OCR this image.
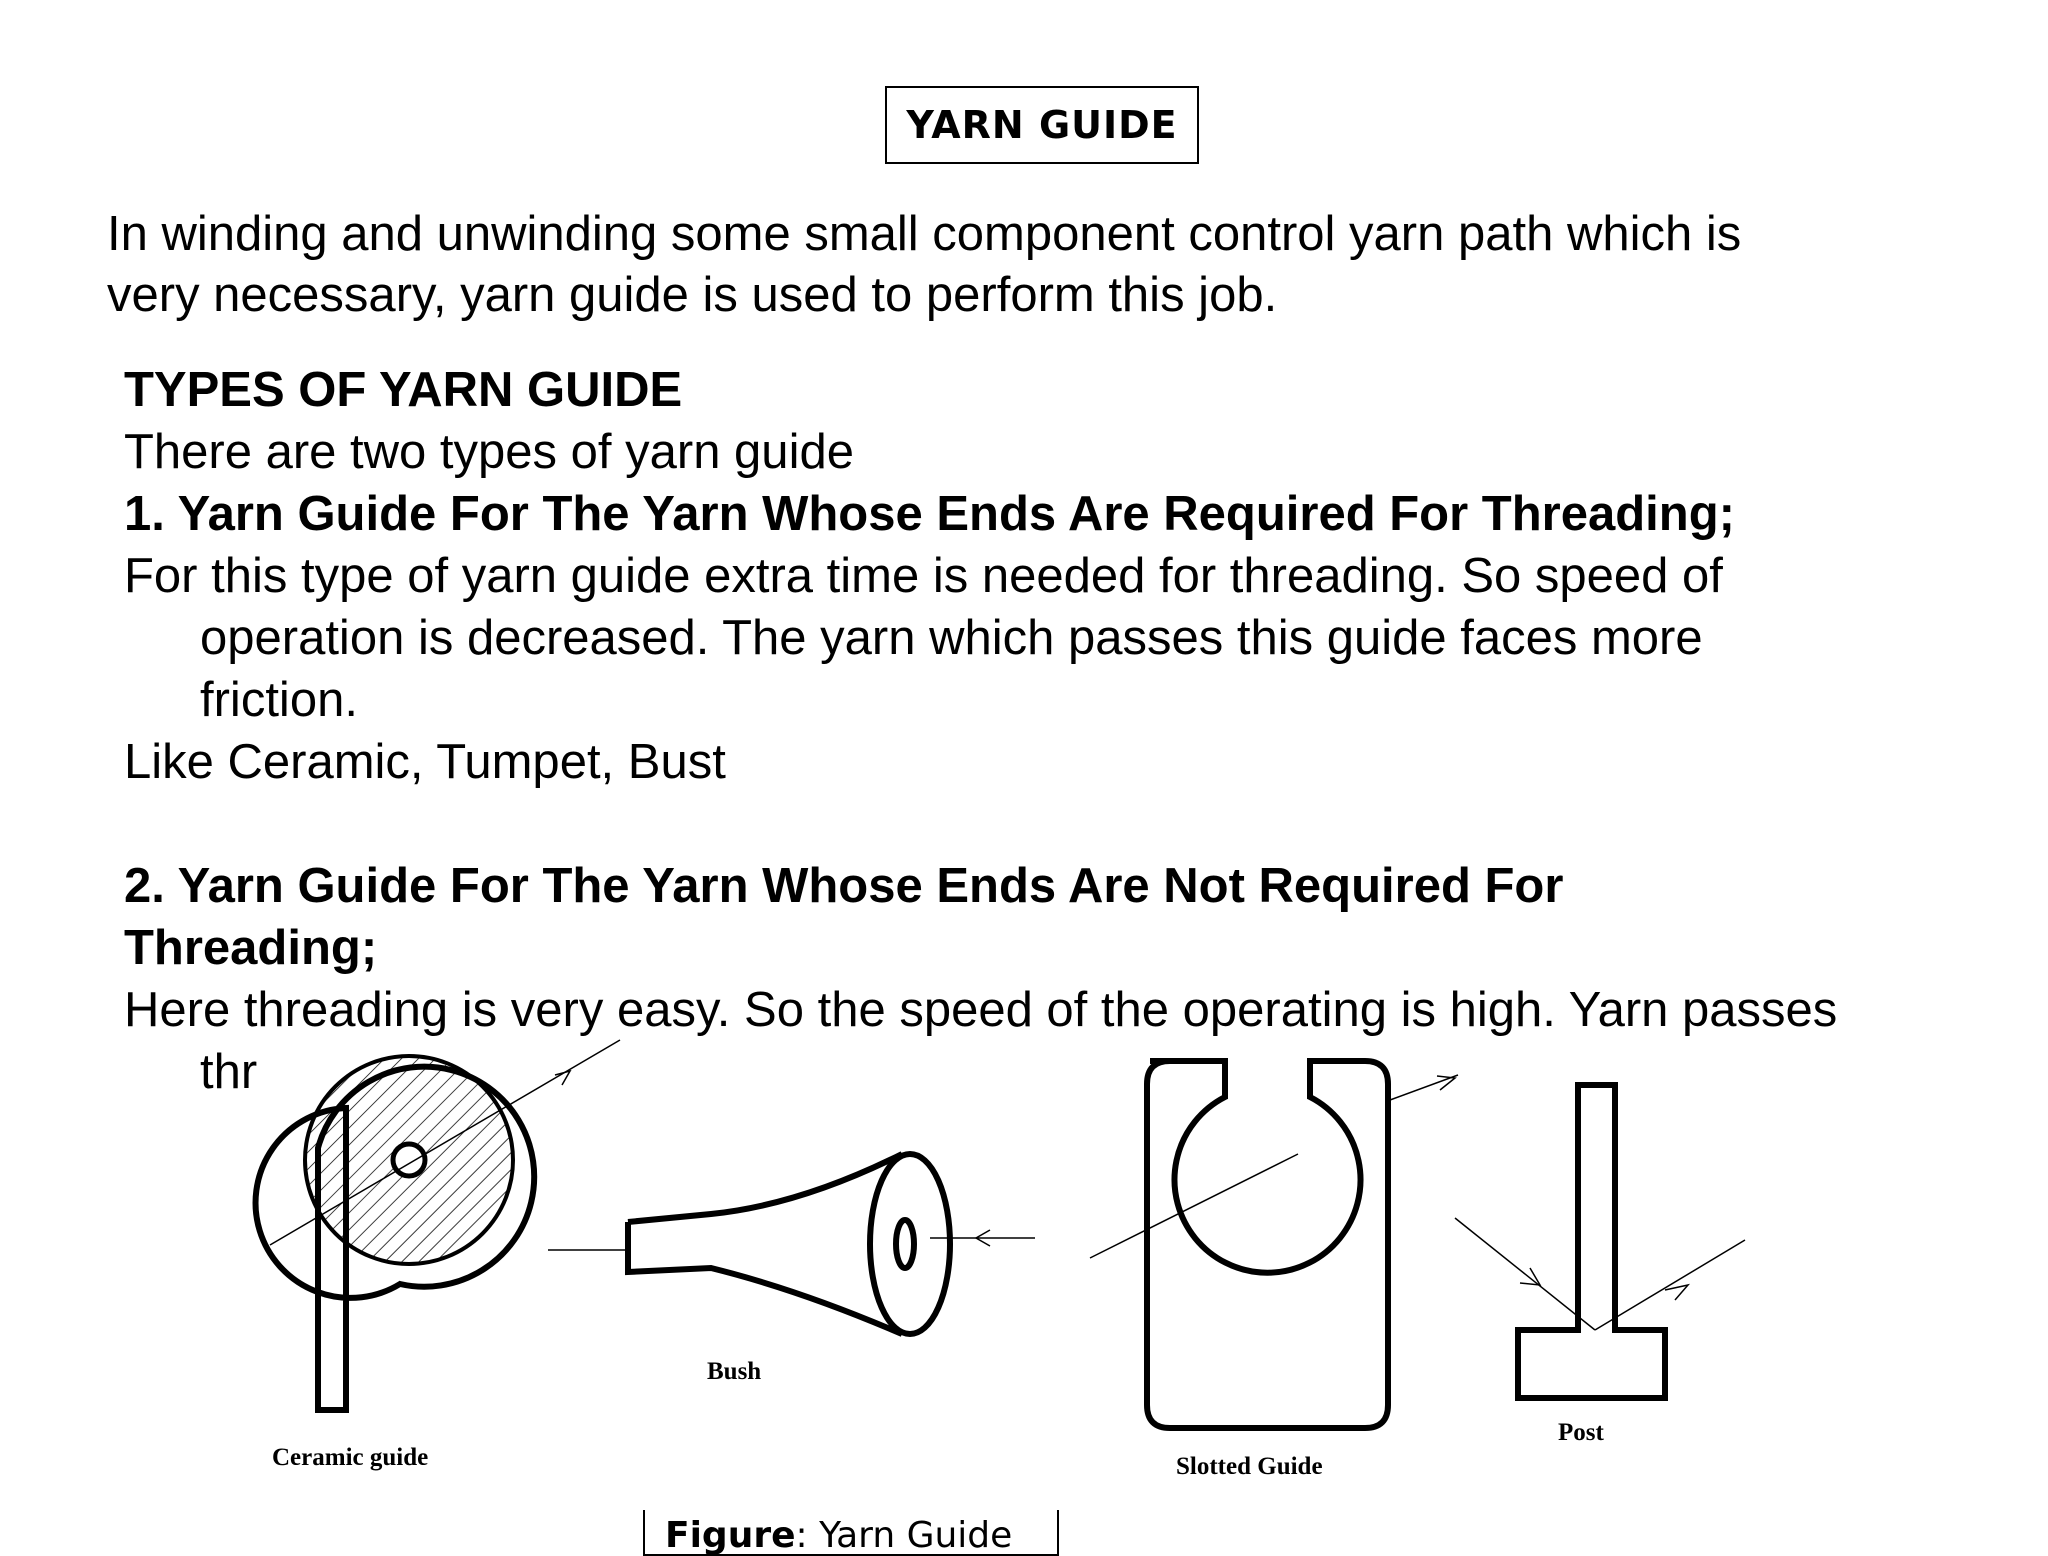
YARN GUIDE
In winding and unwinding some small component control yarn path which is
very necessary, yarn guide is used to perform this job.
TYPES OF YARN GUIDE
There are two types of yarn guide
1. Yarn Guide For The Yarn Whose Ends Are Required For Threading;
For this type of yarn guide extra time is needed for threading. So speed of
operation is decreased. The yarn which passes this guide faces more
friction.
Like Ceramic, Tumpet, Bust
2. Yarn Guide For The Yarn Whose Ends Are Not Required For
Threading;
Here threading is very easy. So the speed of the operating is high. Yarn passes
thr
Ceramic guide
Bush
Slotted Guide
Post
Figure: Yarn Guide
